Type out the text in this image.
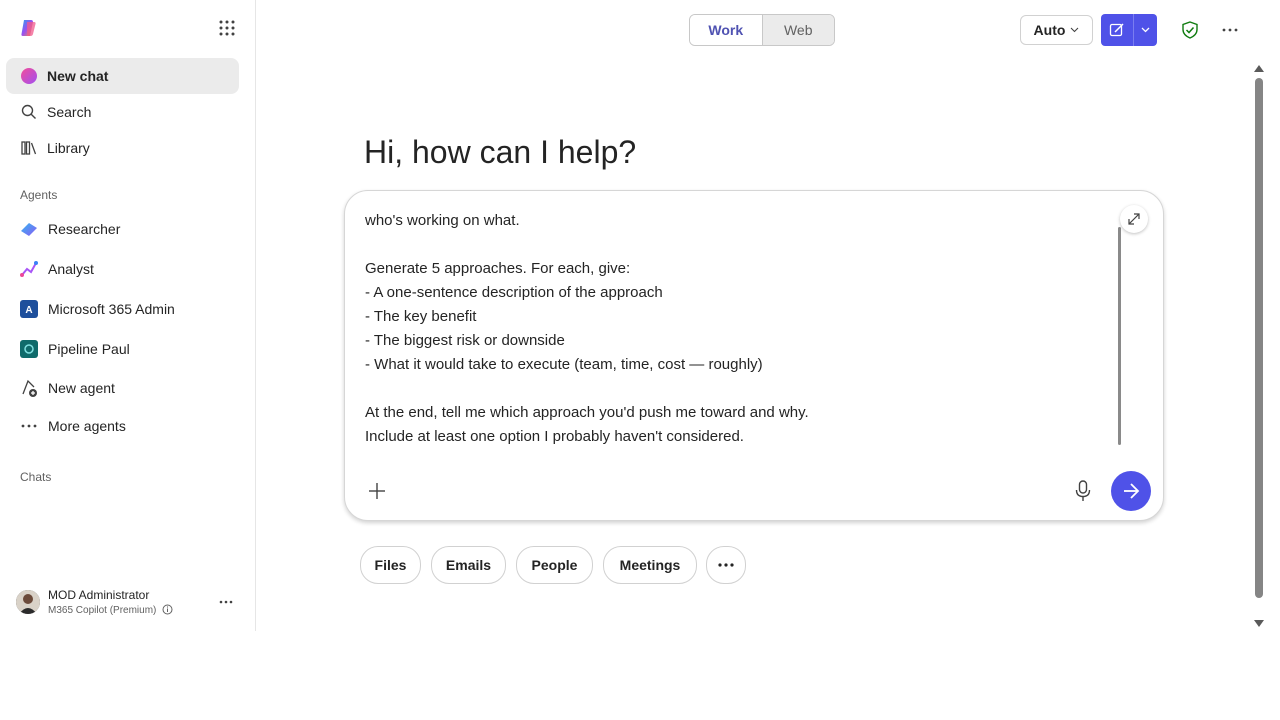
New chat
Search
Library
Agents
Researcher
Analyst
A Microsoft 365 Admin
Pipeline Paul
New agent
More agents
Chats
MOD Administrator
M365 Copilot (Premium)
Work	Web	Auto
Hi, how can I help?
who's working on what.

Generate 5 approaches. For each, give:
- A one-sentence description of the approach
- The key benefit
- The biggest risk or downside
- What it would take to execute (team, time, cost — roughly)

At the end, tell me which approach you'd push me toward and why.
Include at least one option I probably haven't considered.
Files	Emails	People	Meetings
